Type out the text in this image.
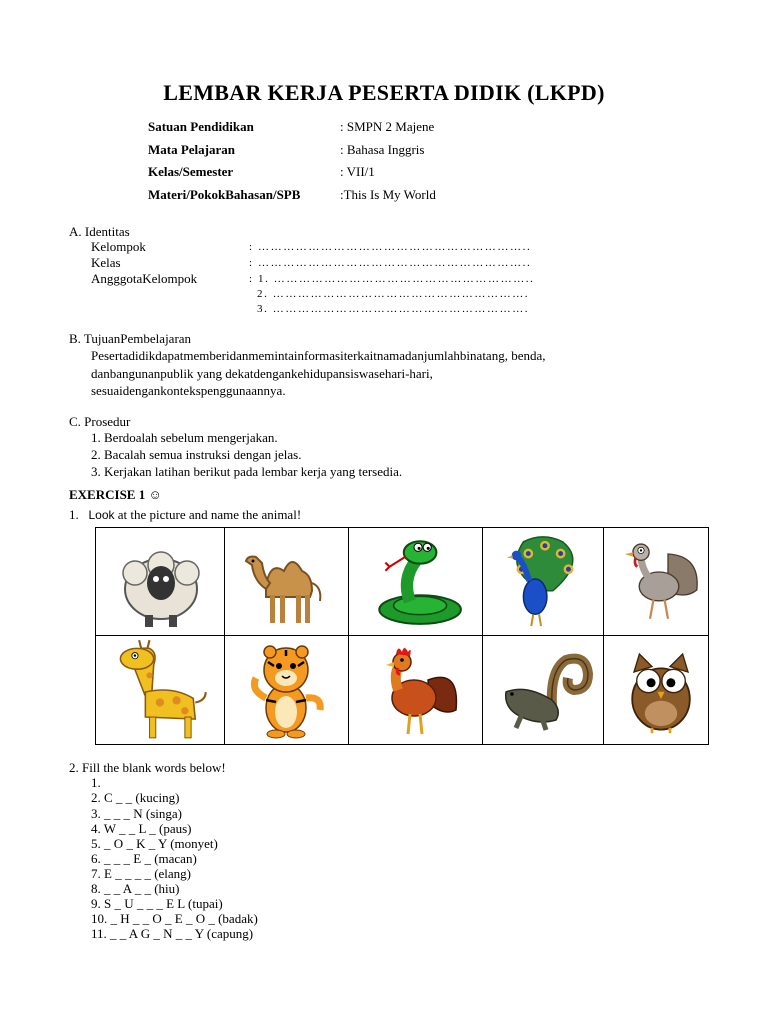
LEMBAR KERJA PESERTA DIDIK (LKPD)
Satuan Pendidikan	: SMPN 2 Majene
Mata Pelajaran	: Bahasa Inggris
Kelas/Semester	: VII/1
Materi/PokokBahasan/SPB	:This Is My World
A. Identitas
Kelompok	: ………………………………………………………..
Kelas	: ………………………………………………………..
AngggotaKelompok	: 1. ……………………………………………………..
2. …………………………………………………….
3. …………………………………………………….
B. TujuanPembelajaran
Pesertadidikdapatmemberidanmemintainformasiterkaitnamadanjumlahbinatang, benda,
danbangunanpublik yang dekatdengankehidupansiswasehari-hari,
sesuaidengankontekspenggunaannya.
C. Prosedur
1. Berdoalah sebelum mengerjakan.
2. Bacalah semua instruksi dengan jelas.
3. Kerjakan latihan berikut pada lembar kerja yang tersedia.
EXERCISE 1 ☺
1. Look at the picture and name the animal!
2. Fill the blank words below!
1.
2. C _ _ (kucing)
3. _ _ _ N (singa)
4. W _ _ L _ (paus)
5. _ O _ K _ Y (monyet)
6. _ _ _ E _ (macan)
7. E _ _ _ _ (elang)
8. _ _ A _ _ (hiu)
9. S _ U _ _ _ E L (tupai)
10. _ H _ _ O _ E _ O _ (badak)
11. _ _ A G _ N _ _ Y (capung)
